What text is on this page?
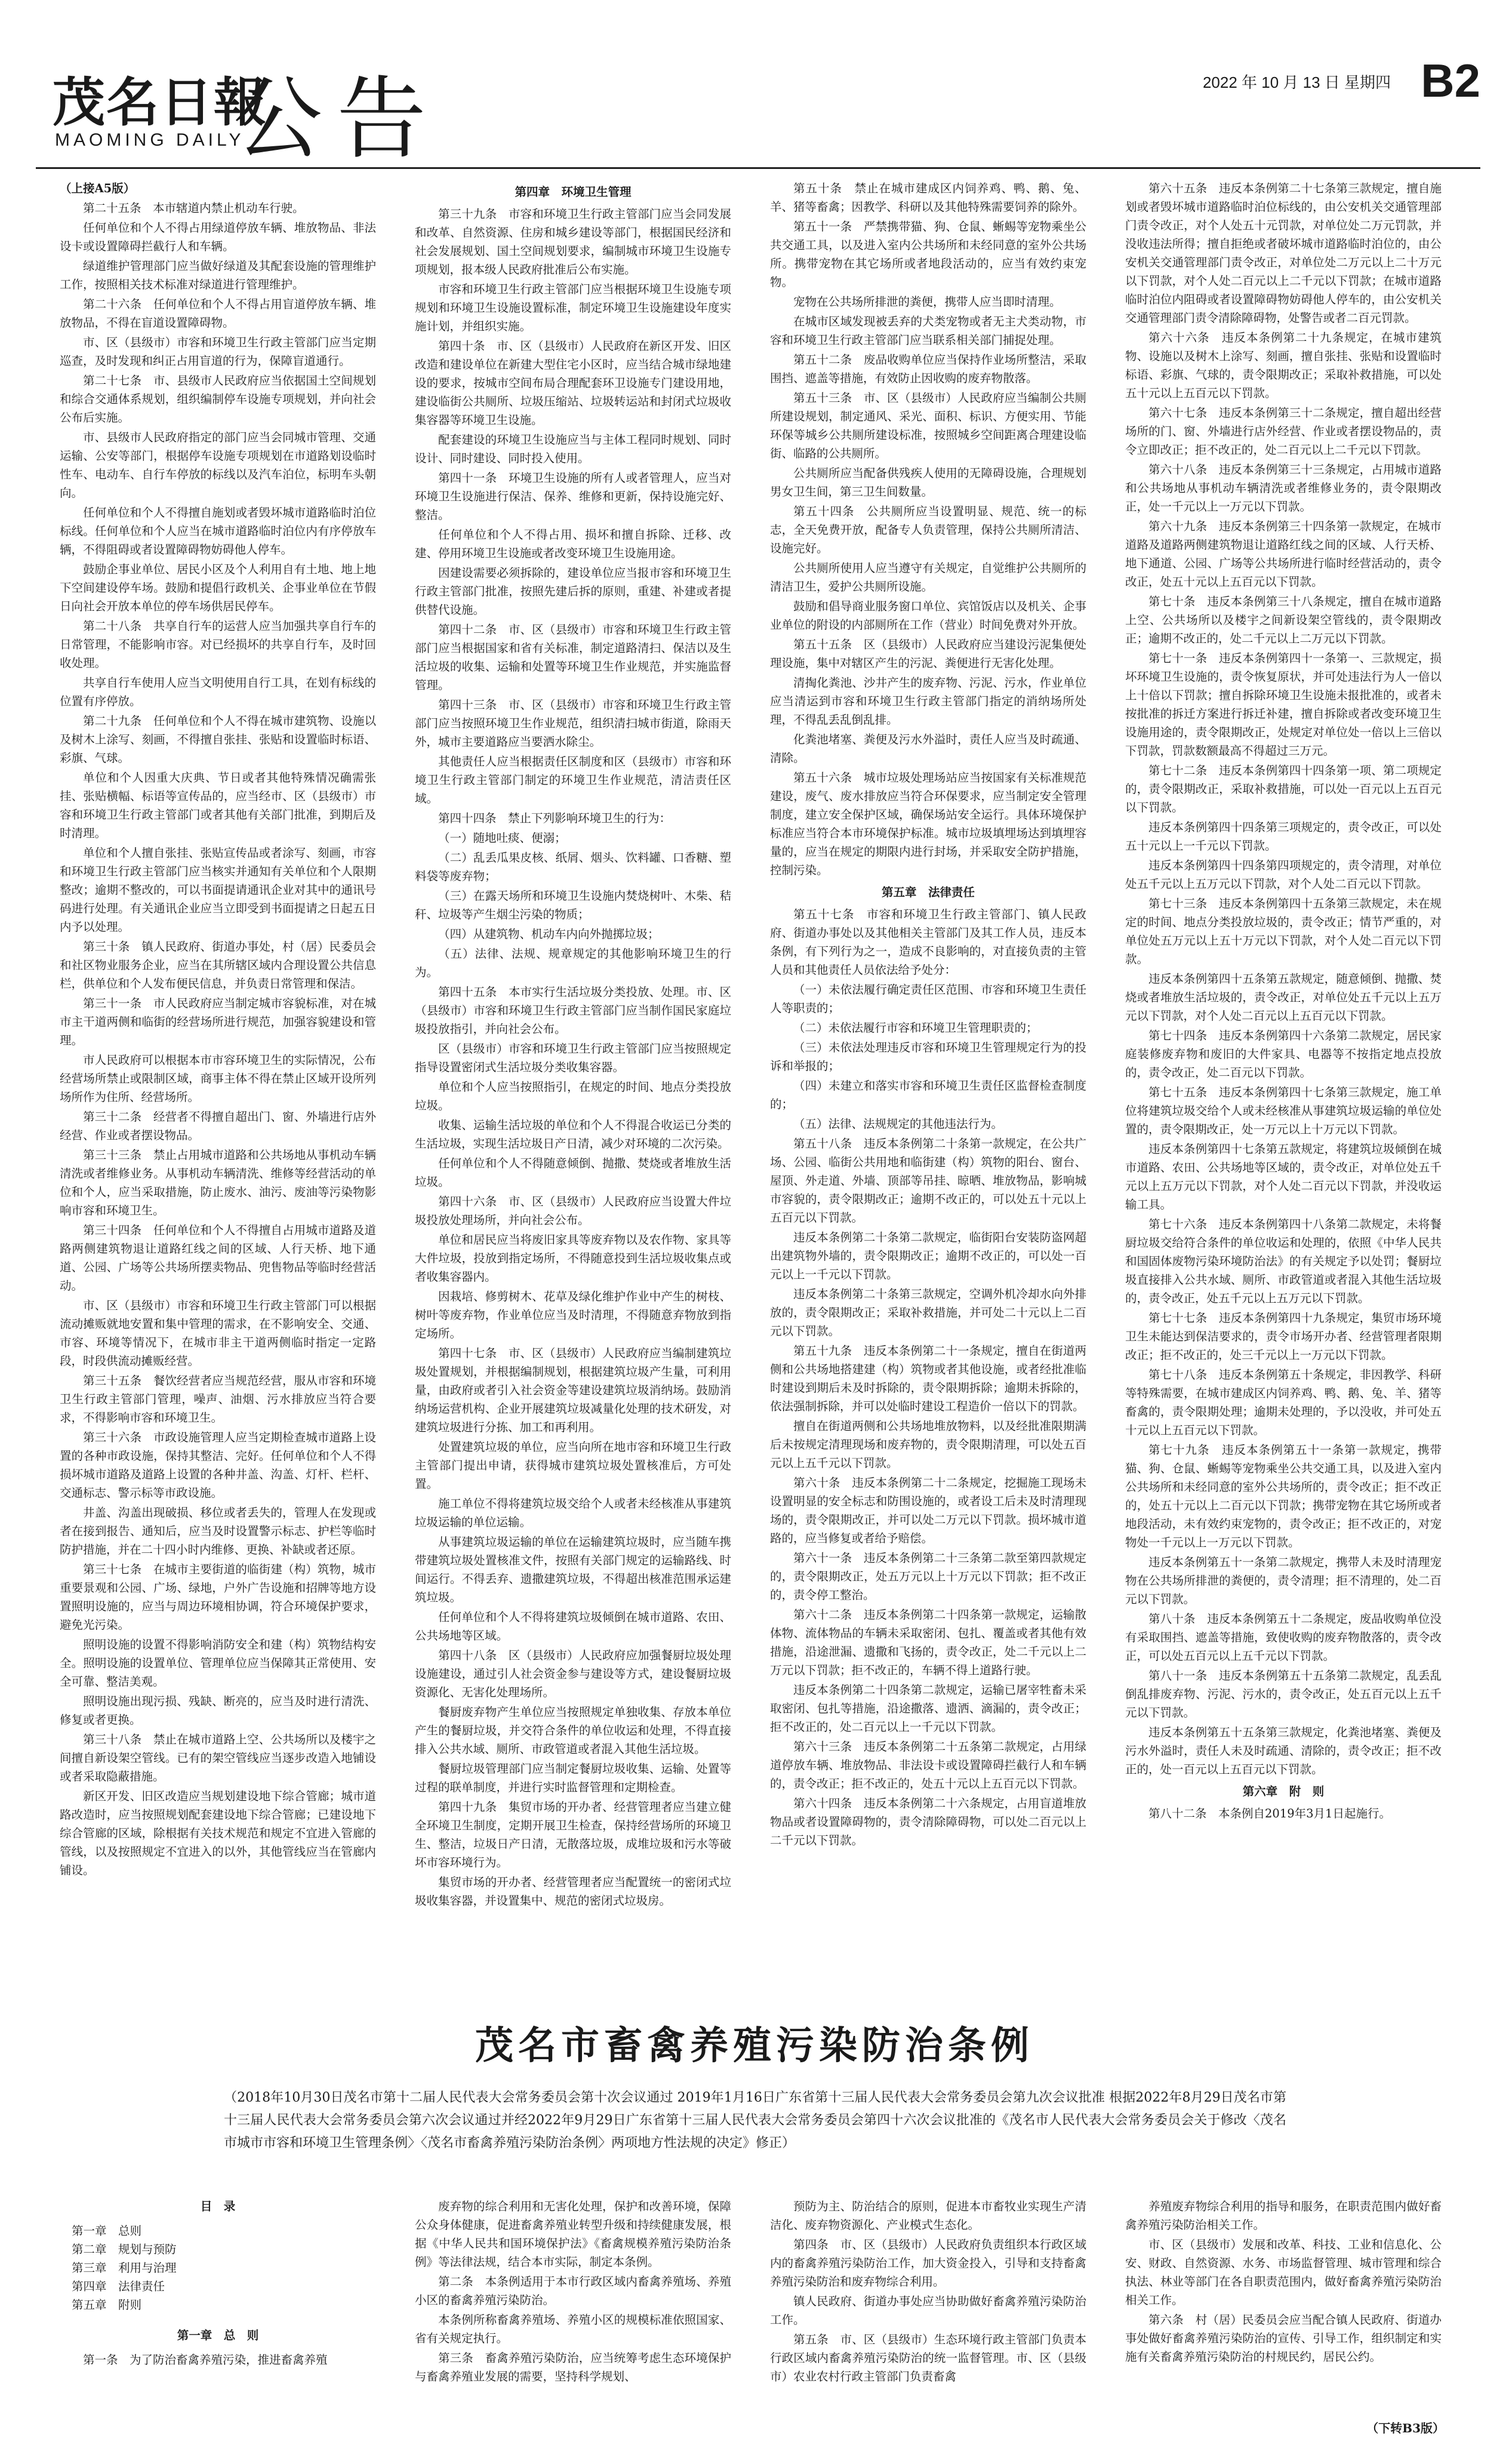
茂名日報
MAOMING DAILY
公告	2022 年 10 月 13 日 星期四 B2

（上接A5版）

第二十五条　本市辖道内禁止机动车行驶。

任何单位和个人不得占用绿道停放车辆、堆放物品、非法设卡或设置障碍拦截行人和车辆。

绿道维护管理部门应当做好绿道及其配套设施的管理维护工作，按照相关技术标准对绿道进行管理维护。

第二十六条　任何单位和个人不得占用盲道停放车辆、堆放物品，不得在盲道设置障碍物。

市、区（县级市）市容和环境卫生行政主管部门应当定期巡查，及时发现和纠正占用盲道的行为，保障盲道通行。

第二十七条　市、县级市人民政府应当依据国土空间规划和综合交通体系规划，组织编制停车设施专项规划，并向社会公布后实施。

市、县级市人民政府指定的部门应当会同城市管理、交通运输、公安等部门，根据停车设施专项规划在市道路划设临时性车、电动车、自行车停放的标线以及汽车泊位，标明车头朝向。

任何单位和个人不得擅自施划或者毁坏城市道路临时泊位标线。任何单位和个人应当在城市道路临时泊位内有序停放车辆，不得阻碍或者设置障碍物妨碍他人停车。

鼓励企事业单位、居民小区及个人利用自有土地、地上地下空间建设停车场。鼓励和提倡行政机关、企事业单位在节假日向社会开放本单位的停车场供居民停车。

第二十八条　共享自行车的运营人应当加强共享自行车的日常管理，不能影响市容。对已经损坏的共享自行车，及时回收处理。

共享自行车使用人应当文明使用自行工具，在划有标线的位置有序停放。

第二十九条　任何单位和个人不得在城市建筑物、设施以及树木上涂写、刻画，不得擅自张挂、张贴和设置临时标语、彩旗、气球。

单位和个人因重大庆典、节日或者其他特殊情况确需张挂、张贴横幅、标语等宣传品的，应当经市、区（县级市）市容和环境卫生行政主管部门或者其他有关部门批准，到期后及时清理。

单位和个人擅自张挂、张贴宣传品或者涂写、刻画，市容和环境卫生行政主管部门应当核实并通知有关单位和个人限期整改；逾期不整改的，可以书面提请通讯企业对其中的通讯号码进行处理。有关通讯企业应当立即受到书面提请之日起五日内予以处理。

第三十条　镇人民政府、街道办事处，村（居）民委员会和社区物业服务企业，应当在其所辖区域内合理设置公共信息栏，供单位和个人发布便民信息，并负责日常管理和保洁。

第三十一条　市人民政府应当制定城市容貌标准，对在城市主干道两侧和临街的经营场所进行规范，加强容貌建设和管理。

市人民政府可以根据本市市容环境卫生的实际情况，公布经营场所禁止或限制区域，商事主体不得在禁止区域开设所列场所作为住所、经营场所。

第三十二条　经营者不得擅自超出门、窗、外墙进行店外经营、作业或者摆设物品。

第三十三条　禁止占用城市道路和公共场地从事机动车辆清洗或者维修业务。从事机动车辆清洗、维修等经营活动的单位和个人，应当采取措施，防止废水、油污、废油等污染物影响市容和环境卫生。

第三十四条　任何单位和个人不得擅自占用城市道路及道路两侧建筑物退让道路红线之间的区域、人行天桥、地下通道、公园、广场等公共场所摆卖物品、兜售物品等临时经营活动。

市、区（县级市）市容和环境卫生行政主管部门可以根据流动摊贩就地安置和集中管理的需求，在不影响安全、交通、市容、环境等情况下，在城市非主干道两侧临时指定一定路段，时段供流动摊贩经营。

第三十五条　餐饮经营者应当规范经营，服从市容和环境卫生行政主管部门管理，噪声、油烟、污水排放应当符合要求，不得影响市容和环境卫生。

第三十六条　市政设施管理人应当定期检查城市道路上设置的各种市政设施，保持其整洁、完好。任何单位和个人不得损坏城市道路及道路上设置的各种井盖、沟盖、灯杆、栏杆、交通标志、警示标等市政设施。

井盖、沟盖出现破损、移位或者丢失的，管理人在发现或者在接到报告、通知后，应当及时设置警示标志、护栏等临时防护措施，并在二十四小时内维修、更换、补缺或者还原。

第三十七条　在城市主要街道的临街建（构）筑物，城市重要景观和公园、广场、绿地，户外广告设施和招牌等地方设置照明设施的，应当与周边环境相协调，符合环境保护要求，避免光污染。

照明设施的设置不得影响消防安全和建（构）筑物结构安全。照明设施的设置单位、管理单位应当保障其正常使用、安全可靠、整洁美观。

照明设施出现污损、残缺、断亮的，应当及时进行清洗、修复或者更换。

第三十八条　禁止在城市道路上空、公共场所以及楼宇之间擅自新设架空管线。已有的架空管线应当逐步改造入地铺设或者采取隐蔽措施。

新区开发、旧区改造应当规划建设地下综合管廊；城市道路改造时，应当按照规划配套建设地下综合管廊；已建设地下综合管廊的区域，除根据有关技术规范和规定不宜进入管廊的管线，以及按照规定不宜进入的以外，其他管线应当在管廊内铺设。

第四章　环境卫生管理

第三十九条　市容和环境卫生行政主管部门应当会同发展和改革、自然资源、住房和城乡建设等部门，根据国民经济和社会发展规划、国土空间规划要求，编制城市环境卫生设施专项规划，报本级人民政府批准后公布实施。

市容和环境卫生行政主管部门应当根据环境卫生设施专项规划和环境卫生设施设置标准，制定环境卫生设施建设年度实施计划，并组织实施。

第四十条　市、区（县级市）人民政府在新区开发、旧区改造和建设单位在新建大型住宅小区时，应当结合城市绿地建设的要求，按城市空间布局合理配套环卫设施专门建设用地，建设临街公共厕所、垃圾压缩站、垃圾转运站和封闭式垃圾收集容器等环境卫生设施。

配套建设的环境卫生设施应当与主体工程同时规划、同时设计、同时建设、同时投入使用。

第四十一条　环境卫生设施的所有人或者管理人，应当对环境卫生设施进行保洁、保养、维修和更新，保持设施完好、整洁。

任何单位和个人不得占用、损坏和擅自拆除、迁移、改建、停用环境卫生设施或者改变环境卫生设施用途。

因建设需要必须拆除的，建设单位应当报市容和环境卫生行政主管部门批准，按照先建后拆的原则，重建、补建或者提供替代设施。

第四十二条　市、区（县级市）市容和环境卫生行政主管部门应当根据国家和省有关标准，制定道路清扫、保洁以及生活垃圾的收集、运输和处置等环境卫生作业规范，并实施监督管理。

第四十三条　市、区（县级市）市容和环境卫生行政主管部门应当按照环境卫生作业规范，组织清扫城市街道，除雨天外，城市主要道路应当要洒水除尘。

其他责任人应当根据责任区制度和区（县级市）市容和环境卫生行政主管部门制定的环境卫生作业规范，清洁责任区域。

第四十四条　禁止下列影响环境卫生的行为：

（一）随地吐痰、便溺；

（二）乱丢瓜果皮核、纸屑、烟头、饮料罐、口香糖、塑料袋等废弃物；

（三）在露天场所和环境卫生设施内焚烧树叶、木柴、秸秆、垃圾等产生烟尘污染的物质；

（四）从建筑物、机动车内向外抛掷垃圾；

（五）法律、法规、规章规定的其他影响环境卫生的行为。

第四十五条　本市实行生活垃圾分类投放、处理。市、区（县级市）市容和环境卫生行政主管部门应当制作国民家庭垃圾投放指引，并向社会公布。

区（县级市）市容和环境卫生行政主管部门应当按照规定指导设置密闭式生活垃圾分类收集容器。

单位和个人应当按照指引，在规定的时间、地点分类投放垃圾。

收集、运输生活垃圾的单位和个人不得混合收运已分类的生活垃圾，实现生活垃圾日产日清，减少对环境的二次污染。

任何单位和个人不得随意倾倒、抛撒、焚烧或者堆放生活垃圾。

第四十六条　市、区（县级市）人民政府应当设置大件垃圾投放处理场所，并向社会公布。

单位和居民应当将废旧家具等废弃物以及农作物、家具等大件垃圾，投放到指定场所，不得随意投到生活垃圾收集点或者收集容器内。

因栽培、修剪树木、花草及绿化维护作业中产生的树枝、树叶等废弃物，作业单位应当及时清理，不得随意弃物放到指定场所。

第四十七条　市、区（县级市）人民政府应当编制建筑垃圾处置规划，并根据编制规划，根据建筑垃圾产生量，可利用量，由政府或者引入社会资金等建设建筑垃圾消纳场。鼓励消纳场运营机构、企业开展建筑垃圾减量化处理的技术研发，对建筑垃圾进行分拣、加工和再利用。

处置建筑垃圾的单位，应当向所在地市容和环境卫生行政主管部门提出申请，获得城市建筑垃圾处置核准后，方可处置。

施工单位不得将建筑垃圾交给个人或者未经核准从事建筑垃圾运输的单位运输。

从事建筑垃圾运输的单位在运输建筑垃圾时，应当随车携带建筑垃圾处置核准文件，按照有关部门规定的运输路线、时间运行。不得丢弃、遗撒建筑垃圾，不得超出核准范围承运建筑垃圾。

任何单位和个人不得将建筑垃圾倾倒在城市道路、农田、公共场地等区域。

第四十八条　区（县级市）人民政府应加强餐厨垃圾处理设施建设，通过引人社会资金参与建设等方式，建设餐厨垃圾资源化、无害化处理场所。

餐厨废弃物产生单位应当按照规定单独收集、存放本单位产生的餐厨垃圾，并交符合条件的单位收运和处理，不得直接排入公共水域、厕所、市政管道或者混入其他生活垃圾。

餐厨垃圾管理部门应当制定餐厨垃圾收集、运输、处置等过程的联单制度，并进行实时监督管理和定期检查。

第四十九条　集贸市场的开办者、经营管理者应当建立健全环境卫生制度，定期开展卫生检查，保持经营场所的环境卫生、整洁，垃圾日产日清，无散落垃圾，成堆垃圾和污水等破坏市容环境行为。

集贸市场的开办者、经营管理者应当配置统一的密闭式垃圾收集容器，并设置集中、规范的密闭式垃圾房。

第五十条　禁止在城市建成区内饲养鸡、鸭、鹅、兔、羊、猪等畜禽；因教学、科研以及其他特殊需要饲养的除外。

第五十一条　严禁携带猫、狗、仓鼠、蜥蜴等宠物乘坐公共交通工具，以及进入室内公共场所和未经同意的室外公共场所。携带宠物在其它场所或者地段活动的，应当有效约束宠物。

宠物在公共场所排泄的粪便，携带人应当即时清理。

在城市区域发现被丢弃的犬类宠物或者无主犬类动物，市容和环境卫生行政主管部门应当联系相关部门捕捉处理。

第五十二条　废品收购单位应当保持作业场所整洁，采取围挡、遮盖等措施，有效防止因收购的废弃物散落。

第五十三条　市、区（县级市）人民政府应当编制公共厕所建设规划，制定通风、采光、面积、标识、方便实用、节能环保等城乡公共厕所建设标准，按照城乡空间距离合理建设临街、临路的公共厕所。

公共厕所应当配备供残疾人使用的无障碍设施，合理规划男女卫生间，第三卫生间数量。

第五十四条　公共厕所应当设置明显、规范、统一的标志，全天免费开放，配备专人负责管理，保持公共厕所清洁、设施完好。

公共厕所使用人应当遵守有关规定，自觉维护公共厕所的清洁卫生，爱护公共厕所设施。

鼓励和倡导商业服务窗口单位、宾馆饭店以及机关、企事业单位的附设的内部厕所在工作（营业）时间免费对外开放。

第五十五条　区（县级市）人民政府应当建设污泥集便处理设施，集中对辖区产生的污泥、粪便进行无害化处理。

清掏化粪池、沙井产生的废弃物、污泥、污水，作业单位应当清运到市容和环境卫生行政主管部门指定的消纳场所处理，不得乱丢乱倒乱排。

化粪池堵塞、粪便及污水外溢时，责任人应当及时疏通、清除。

第五十六条　城市垃圾处理场站应当按国家有关标准规范建设，废气、废水排放应当符合环保要求，应当制定安全管理制度，建立安全保护区域，确保场站安全运行。具体环境保护标准应当符合本市环境保护标准。城市垃圾填埋场达到填埋容量的，应当在规定的期限内进行封场，并采取安全防护措施，控制污染。

第五章　法律责任

第五十七条　市容和环境卫生行政主管部门、镇人民政府、街道办事处以及其他相关主管部门及其工作人员，违反本条例，有下列行为之一，造成不良影响的，对直接负责的主管人员和其他责任人员依法给予处分：

（一）未依法履行确定责任区范围、市容和环境卫生责任人等职责的；

（二）未依法履行市容和环境卫生管理职责的；

（三）未依法处理违反市容和环境卫生管理规定行为的投诉和举报的；

（四）未建立和落实市容和环境卫生责任区监督检查制度的；

（五）法律、法规规定的其他违法行为。

第五十八条　违反本条例第二十条第一款规定，在公共广场、公园、临街公共用地和临街建（构）筑物的阳台、窗台、屋顶、外走道、外墙、顶部等吊挂、晾晒、堆放物品，影响城市容貌的，责令限期改正；逾期不改正的，可以处五十元以上五百元以下罚款。

违反本条例第二十条第二款规定，临街阳台安装防盗网超出建筑物外墙的，责令限期改正；逾期不改正的，可以处一百元以上一千元以下罚款。

违反本条例第二十条第三款规定，空调外机冷却水向外排放的，责令限期改正；采取补救措施，并可处二十元以上二百元以下罚款。

第五十九条　违反本条例第二十一条规定，擅自在街道两侧和公共场地搭建建（构）筑物或者其他设施，或者经批准临时建设到期后未及时拆除的，责令限期拆除；逾期未拆除的，依法强制拆除，并可以处临时建设工程造价一倍以下的罚款。

擅自在街道两侧和公共场地堆放物料，以及经批准限期满后未按规定清理现场和废弃物的，责令限期清理，可以处五百元以上五千元以下罚款。

第六十条　违反本条例第二十二条规定，挖掘施工现场未设置明显的安全标志和防围设施的，或者设工后未及时清理现场的，责令限期改正，并可以处二万元以下罚款。损坏城市道路的，应当修复或者给予赔偿。

第六十一条　违反本条例第二十三条第二款至第四款规定的，责令限期改正，处五万元以上十万元以下罚款；拒不改正的，责令停工整治。

第六十二条　违反本条例第二十四条第一款规定，运输散体物、流体物品的车辆未采取密闭、包扎、覆盖或者其他有效措施，沿途泄漏、遗撒和飞扬的，责令改正，处二千元以上二万元以下罚款；拒不改正的，车辆不得上道路行驶。

违反本条例第二十四条第二款规定，运输已屠宰牲畜未采取密闭、包扎等措施，沿途撒落、遗洒、滴漏的，责令改正；拒不改正的，处二百元以上一千元以下罚款。

第六十三条　违反本条例第二十五条第二款规定，占用绿道停放车辆、堆放物品、非法设卡或设置障碍拦截行人和车辆的，责令改正；拒不改正的，处五十元以上五百元以下罚款。

第六十四条　违反本条例第二十六条规定，占用盲道堆放物品或者设置障碍物的，责令清除障碍物，可以处二百元以上二千元以下罚款。

第六十五条　违反本条例第二十七条第三款规定，擅自施划或者毁坏城市道路临时泊位标线的，由公安机关交通管理部门责令改正，对个人处五十元罚款，对单位处二万元罚款，并没收违法所得；擅自拒绝或者破坏城市道路临时泊位的，由公安机关交通管理部门责令改正，对单位处二万元以上二十万元以下罚款，对个人处二百元以上二千元以下罚款；在城市道路临时泊位内阻碍或者设置障碍物妨碍他人停车的，由公安机关交通管理部门责令清除障碍物，处警告或者二百元罚款。

第六十六条　违反本条例第二十九条规定，在城市建筑物、设施以及树木上涂写、刻画，擅自张挂、张贴和设置临时标语、彩旗、气球的，责令限期改正；采取补救措施，可以处五十元以上五百元以下罚款。

第六十七条　违反本条例第三十二条规定，擅自超出经营场所的门、窗、外墙进行店外经营、作业或者摆设物品的，责令立即改正；拒不改正的，处二百元以上二千元以下罚款。

第六十八条　违反本条例第三十三条规定，占用城市道路和公共场地从事机动车辆清洗或者维修业务的，责令限期改正，处一千元以上一万元以下罚款。

第六十九条　违反本条例第三十四条第一款规定，在城市道路及道路两侧建筑物退让道路红线之间的区域、人行天桥、地下通道、公园、广场等公共场所进行临时经营活动的，责令改正，处五十元以上五百元以下罚款。

第七十条　违反本条例第三十八条规定，擅自在城市道路上空、公共场所以及楼宇之间新设架空管线的，责令限期改正；逾期不改正的，处二千元以上二万元以下罚款。

第七十一条　违反本条例第四十一条第一、三款规定，损坏环境卫生设施的，责令恢复原状，并可处违法行为人一倍以上十倍以下罚款；擅自拆除环境卫生设施未报批准的，或者未按批准的拆迁方案进行拆迁补建，擅自拆除或者改变环境卫生设施用途的，责令限期改正，处规定对单位处一倍以上三倍以下罚款，罚款数额最高不得超过三万元。

第七十二条　违反本条例第四十四条第一项、第二项规定的，责令限期改正，采取补救措施，可以处一百元以上五百元以下罚款。

违反本条例第四十四条第三项规定的，责令改正，可以处五十元以上一千元以下罚款。

违反本条例第四十四条第四项规定的，责令清理，对单位处五千元以上五万元以下罚款，对个人处二百元以下罚款。

第七十三条　违反本条例第四十五条第三款规定，未在规定的时间、地点分类投放垃圾的，责令改正；情节严重的，对单位处五万元以上五十万元以下罚款，对个人处二百元以下罚款。

违反本条例第四十五条第五款规定，随意倾倒、抛撒、焚烧或者堆放生活垃圾的，责令改正，对单位处五千元以上五万元以下罚款，对个人处二百元以上五百元以下罚款。

第七十四条　违反本条例第四十六条第二款规定，居民家庭装修废弃物和废旧的大件家具、电器等不按指定地点投放的，责令改正，处二百元以下罚款。

第七十五条　违反本条例第四十七条第三款规定，施工单位将建筑垃圾交给个人或未经核准从事建筑垃圾运输的单位处置的，责令限期改正，处一万元以上十万元以下罚款。

违反本条例第四十七条第五款规定，将建筑垃圾倾倒在城市道路、农田、公共场地等区域的，责令改正，对单位处五千元以上五万元以下罚款，对个人处二百元以下罚款，并没收运输工具。

第七十六条　违反本条例第四十八条第二款规定，未将餐厨垃圾交给符合条件的单位收运和处理的，依照《中华人民共和国固体废物污染环境防治法》的有关规定予以处罚；餐厨垃圾直接排入公共水域、厕所、市政管道或者混入其他生活垃圾的，责令改正，处五千元以上五万元以下罚款。

第七十七条　违反本条例第四十九条规定，集贸市场环境卫生未能达到保洁要求的，责令市场开办者、经营管理者限期改正；拒不改正的，处三千元以上一万元以下罚款。

第七十八条　违反本条例第五十条规定，非因教学、科研等特殊需要，在城市建成区内饲养鸡、鸭、鹅、兔、羊、猪等畜禽的，责令限期处理；逾期未处理的，予以没收，并可处五十元以上五百元以下罚款。

第七十九条　违反本条例第五十一条第一款规定，携带猫、狗、仓鼠、蜥蜴等宠物乘坐公共交通工具，以及进入室内公共场所和未经同意的室外公共场所的，责令改正；拒不改正的，处五十元以上二百元以下罚款；携带宠物在其它场所或者地段活动，未有效约束宠物的，责令改正；拒不改正的，对宠物处一千元以上一万元以下罚款。

违反本条例第五十一条第二款规定，携带人未及时清理宠物在公共场所排泄的粪便的，责令清理；拒不清理的，处二百元以下罚款。

第八十条　违反本条例第五十二条规定，废品收购单位没有采取围挡、遮盖等措施，致使收购的废弃物散落的，责令改正，可以处五百元以上五千元以下罚款。

第八十一条　违反本条例第五十五条第二款规定，乱丢乱倒乱排废弃物、污泥、污水的，责令改正，处五百元以上五千元以下罚款。

违反本条例第五十五条第三款规定，化粪池堵塞、粪便及污水外溢时，责任人未及时疏通、清除的，责令改正；拒不改正的，处一百元以上五百元以下罚款。

第六章　附　则

第八十二条　本条例自2019年3月1日起施行。

茂名市畜禽养殖污染防治条例
（2018年10月30日茂名市第十二届人民代表大会常务委员会第十次会议通过 2019年1月16日广东省第十三届人民代表大会常务委员会第九次会议批准 根据2022年8月29日茂名市第十三届人民代表大会常务委员会第六次会议通过并经2022年9月29日广东省第十三届人民代表大会常务委员会第四十六次会议批准的《茂名市人民代表大会常务委员会关于修改〈茂名市城市市容和环境卫生管理条例〉〈茂名市畜禽养殖污染防治条例〉两项地方性法规的决定》修正）
目　录
第一章　总则
第二章　规划与预防
第三章　利用与治理
第四章　法律责任
第五章　附则
第一章　总　则

第一条　为了防治畜禽养殖污染，推进畜禽养殖

废弃物的综合利用和无害化处理，保护和改善环境，保障公众身体健康，促进畜禽养殖业转型升级和持续健康发展，根据《中华人民共和国环境保护法》《畜禽规模养殖污染防治条例》等法律法规，结合本市实际，制定本条例。

第二条　本条例适用于本市行政区域内畜禽养殖场、养殖小区的畜禽养殖污染防治。

本条例所称畜禽养殖场、养殖小区的规模标准依照国家、省有关规定执行。

第三条　畜禽养殖污染防治，应当统筹考虑生态环境保护与畜禽养殖业发展的需要，坚持科学规划、

预防为主、防治结合的原则，促进本市畜牧业实现生产清洁化、废弃物资源化、产业模式生态化。

第四条　市、区（县级市）人民政府负责组织本行政区域内的畜禽养殖污染防治工作，加大资金投入，引导和支持畜禽养殖污染防治和废弃物综合利用。

镇人民政府、街道办事处应当协助做好畜禽养殖污染防治工作。

第五条　市、区（县级市）生态环境行政主管部门负责本行政区域内畜禽养殖污染防治的统一监督管理。市、区（县级市）农业农村行政主管部门负责畜禽

养殖废弃物综合利用的指导和服务，在职责范围内做好畜禽养殖污染防治相关工作。

市、区（县级市）发展和改革、科技、工业和信息化、公安、财政、自然资源、水务、市场监督管理、城市管理和综合执法、林业等部门在各自职责范围内，做好畜禽养殖污染防治相关工作。

第六条　村（居）民委员会应当配合镇人民政府、街道办事处做好畜禽养殖污染防治的宣传、引导工作，组织制定和实施有关畜禽养殖污染防治的村规民约，居民公约。

（下转B3版）
